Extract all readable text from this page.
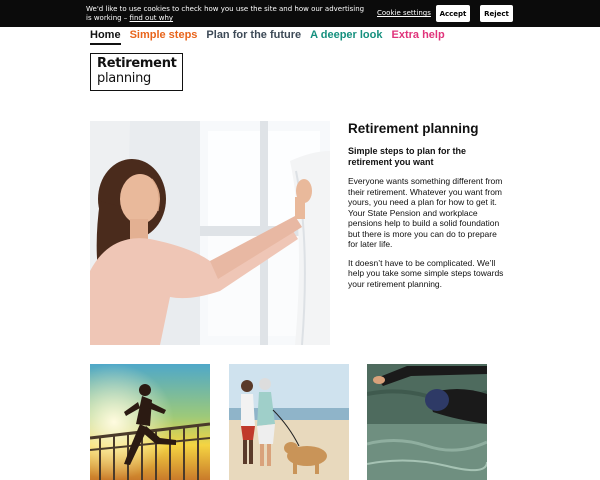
We'd like to use cookies to check how you use the site and how our advertising is working – find out why
Cookie settings	Accept	Reject
Home Simple steps Plan for the future A deeper look Extra help
Retirement
planning
Retirement planning
Simple steps to plan for the retirement you want

Everyone wants something different from their retirement. Whatever you want from yours, you need a plan for how to get it. Your State Pension and workplace pensions help to build a solid foundation but there is more you can do to prepare for later life.

It doesn’t have to be complicated. We’ll help you take some simple steps towards your retirement planning.
